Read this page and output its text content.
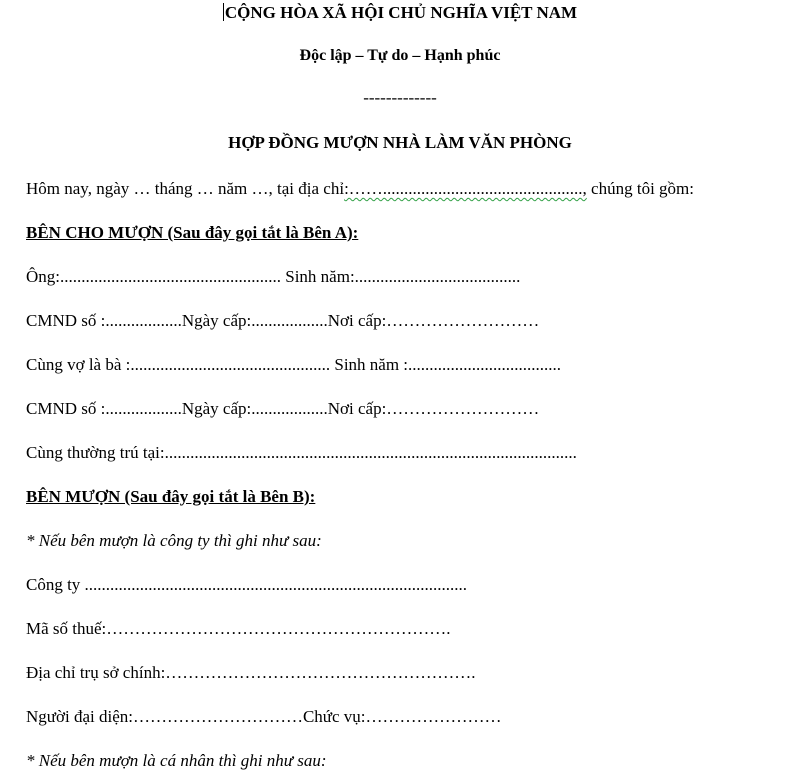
CỘNG HÒA XÃ HỘI CHỦ NGHĨA VIỆT NAM
Độc lập – Tự do – Hạnh phúc
-------------
HỢP ĐỒNG MƯỢN NHÀ LÀM VĂN PHÒNG
Hôm nay, ngày … tháng … năm …, tại địa chỉ:……..............................................., chúng tôi gồm:
BÊN CHO MƯỢN (Sau đây gọi tắt là Bên A):
Ông:.................................................... Sinh năm:.......................................
CMND số :..................Ngày cấp:..................Nơi cấp:………………………
Cùng vợ là bà :............................................... Sinh năm :....................................
CMND số :..................Ngày cấp:..................Nơi cấp:………………………
Cùng thường trú tại:.................................................................................................
BÊN MƯỢN (Sau đây gọi tắt là Bên B):
* Nếu bên mượn là công ty thì ghi như sau:
Công ty ..........................................................................................
Mã số thuế:…………………………………………………….
Địa chỉ trụ sở chính:……………………………………………….
Người đại diện:…………………………Chức vụ:……………………
* Nếu bên mượn là cá nhân thì ghi như sau:
